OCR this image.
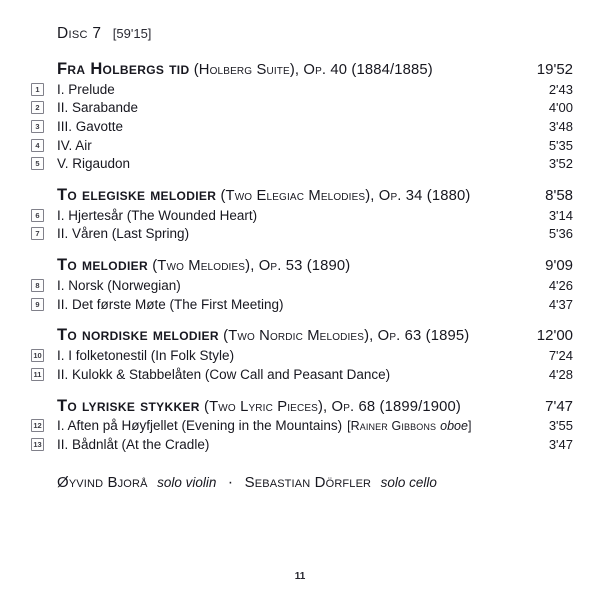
Disc 7 [59'15]
Fra Holbergs tid (Holberg Suite), Op. 40 (1884/1885)	19'52
1	I. Prelude	2'43
2	II. Sarabande	4'00
3	III. Gavotte	3'48
4	IV. Air	5'35
5	V. Rigaudon	3'52
To elegiske melodier (Two Elegiac Melodies), Op. 34 (1880)	8'58
6	I. Hjertesår (The Wounded Heart)	3'14
7	II. Våren (Last Spring)	5'36
To melodier (Two Melodies), Op. 53 (1890)	9'09
8	I. Norsk (Norwegian)	4'26
9	II. Det første Møte (The First Meeting)	4'37
To nordiske melodier (Two Nordic Melodies), Op. 63 (1895)	12'00
10 I. I folketonestil (In Folk Style)	7'24
11 II. Kulokk & Stabbelåten (Cow Call and Peasant Dance)	4'28
To lyriske stykker (Two Lyric Pieces), Op. 68 (1899/1900)	7'47
12 I. Aften på Høyfjellet (Evening in the Mountains) [ Rainer Gibbons oboe ]	3'55
13 II. Bådnlåt (At the Cradle)	3'47
Øyvind Bjorå solo violin · Sebastian Dörfler solo cello
11
